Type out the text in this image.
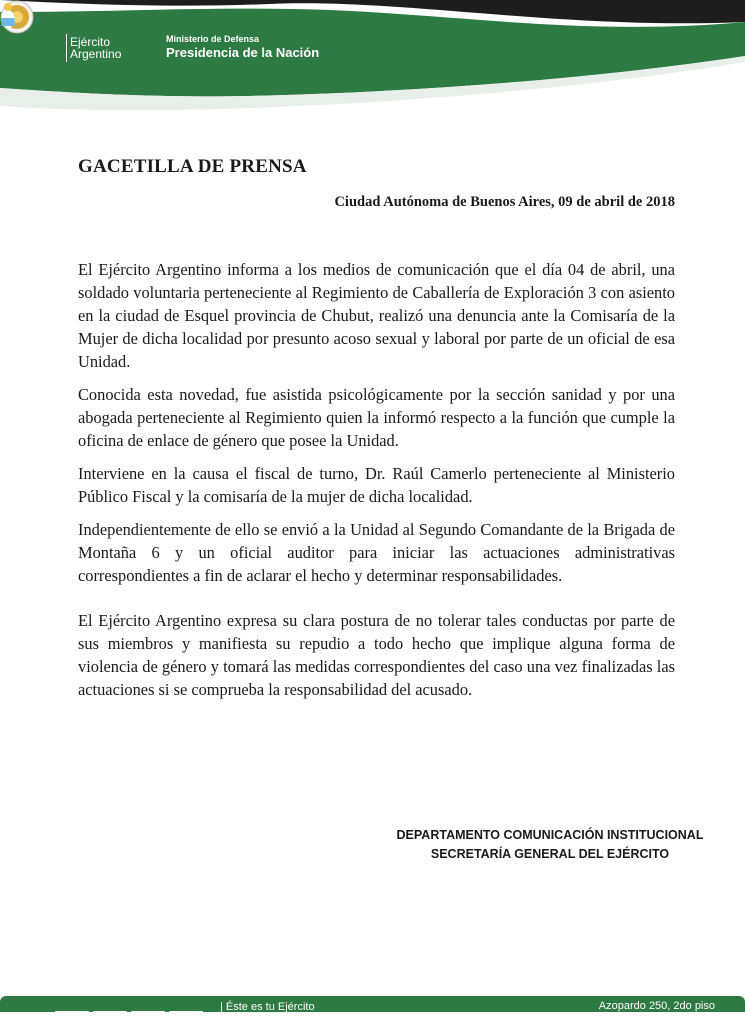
Ejército
Argentino
Ministerio de Defensa
Presidencia de la Nación
GACETILLA DE PRENSA
Ciudad Autónoma de Buenos Aires, 09 de abril de 2018

El Ejército Argentino informa a los medios de comunicación que el día 04 de abril, una soldado voluntaria perteneciente al Regimiento de Caballería de Exploración 3 con asiento en la ciudad de Esquel provincia de Chubut, realizó una denuncia ante la Comisaría de la Mujer de dicha localidad por presunto acoso sexual y laboral por parte de un oficial de esa Unidad.

Conocida esta novedad, fue asistida psicológicamente por la sección sanidad y por una abogada perteneciente al Regimiento quien la informó respecto a la función que cumple la oficina de enlace de género que posee la Unidad.

Interviene en la causa el fiscal de turno, Dr. Raúl Camerlo perteneciente al Ministerio Público Fiscal y la comisaría de la mujer de dicha localidad.

Independientemente de ello se envió a la Unidad al Segundo Comandante de la Brigada de Montaña 6 y un oficial auditor para iniciar las actuaciones administrativas correspondientes a fin de aclarar el hecho y determinar responsabilidades.

El Ejército Argentino expresa su clara postura de no tolerar tales conductas por parte de sus miembros y manifiesta su repudio a todo hecho que implique alguna forma de violencia de género y tomará las medidas correspondientes del caso una vez finalizadas las actuaciones si se comprueba la responsabilidad del acusado.

DEPARTAMENTO COMUNICACIÓN INSTITUCIONAL
SECRETARÍA GENERAL DEL EJÉRCITO
| Éste es tu Ejército	Azopardo 250, 2do piso
